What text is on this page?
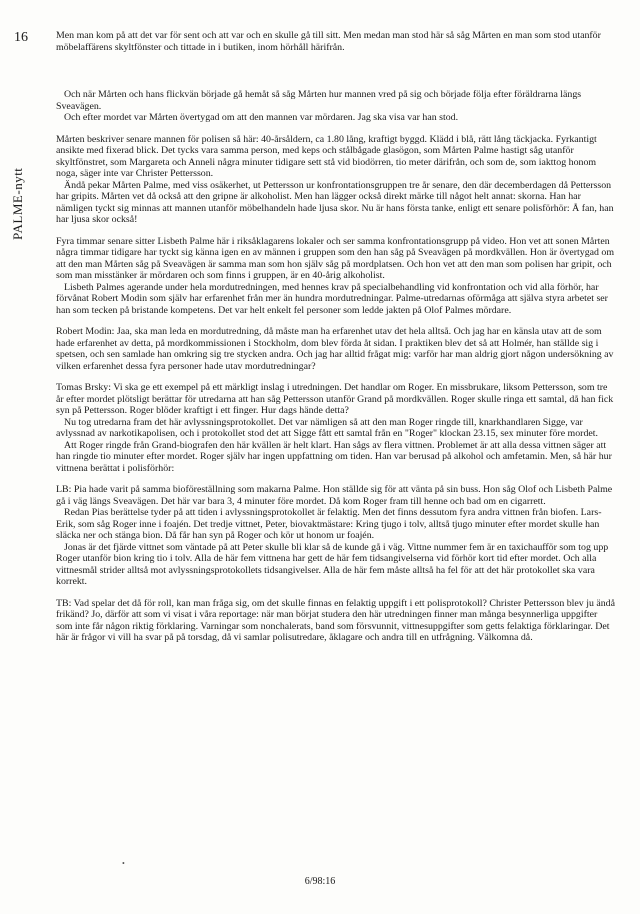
16
PALME-nytt

Men man kom på att det var för sent och att var och en skulle gå till sitt. Men medan man stod här så såg Mårten en man som stod utanför möbelaffärens skyltfönster och tittade in i butiken, inom hörhåll härifrån.

Och när Mårten och hans flickvän började gå hemåt så såg Mårten hur mannen vred på sig och började följa efter föräldrarna längs Sveavägen.

Och efter mordet var Mårten övertygad om att den mannen var mördaren. Jag ska visa var han stod.

Mårten beskriver senare mannen för polisen så här: 40-årsåldern, ca 1.80 lång, kraftigt byggd. Klädd i blå, rätt lång täckjacka. Fyrkantigt ansikte med fixerad blick. Det tycks vara samma person, med keps och stålbågade glasögon, som Mårten Palme hastigt såg utanför skyltfönstret, som Margareta och Anneli några minuter tidigare sett stå vid biodörren, tio meter därifrån, och som de, som iakttog honom noga, säger inte var Christer Pettersson.

Ändå pekar Mårten Palme, med viss osäkerhet, ut Pettersson ur konfrontationsgruppen tre år senare, den där decemberdagen då Pettersson har gripits. Mårten vet då också att den gripne är alkoholist. Men han lägger också direkt märke till något helt annat: skorna. Han har nämligen tyckt sig minnas att mannen utanför möbelhandeln hade ljusa skor. Nu är hans första tanke, enligt ett senare polisförhör: Å fan, han har ljusa skor också!

Fyra timmar senare sitter Lisbeth Palme här i riksåklagarens lokaler och ser samma konfrontationsgrupp på video. Hon vet att sonen Mårten några timmar tidigare har tyckt sig känna igen en av männen i gruppen som den han såg på Sveavägen på mordkvällen. Hon är övertygad om att den man Mårten såg på Sveavägen är samma man som hon själv såg på mordplatsen. Och hon vet att den man som polisen har gripit, och som man misstänker är mördaren och som finns i gruppen, är en 40-årig alkoholist.

Lisbeth Palmes agerande under hela mordutredningen, med hennes krav på specialbehandling vid konfrontation och vid alla förhör, har förvånat Robert Modin som själv har erfarenhet från mer än hundra mordutredningar. Palme-utredarnas oförmåga att själva styra arbetet ser han som tecken på bristande kompetens. Det var helt enkelt fel personer som ledde jakten på Olof Palmes mördare.

Robert Modin: Jaa, ska man leda en mordutredning, då måste man ha erfarenhet utav det hela alltså. Och jag har en känsla utav att de som hade erfarenhet av detta, på mordkommissionen i Stockholm, dom blev förda åt sidan. I praktiken blev det så att Holmér, han ställde sig i spetsen, och sen samlade han omkring sig tre stycken andra. Och jag har alltid frågat mig: varför har man aldrig gjort någon undersökning av vilken erfarenhet dessa fyra personer hade utav mordutredningar?

Tomas Brsky: Vi ska ge ett exempel på ett märkligt inslag i utredningen. Det handlar om Roger. En missbrukare, liksom Pettersson, som tre år efter mordet plötsligt berättar för utredarna att han såg Pettersson utanför Grand på mordkvällen. Roger skulle ringa ett samtal, då han fick syn på Pettersson. Roger blöder kraftigt i ett finger. Hur dags hände detta?

Nu tog utredarna fram det här avlyssningsprotokollet. Det var nämligen så att den man Roger ringde till, knarkhandlaren Sigge, var avlyssnad av narkotikapolisen, och i protokollet stod det att Sigge fått ett samtal från en "Roger" klockan 23.15, sex minuter före mordet.

Att Roger ringde från Grand-biografen den här kvällen är helt klart. Han sågs av flera vittnen. Problemet är att alla dessa vittnen säger att han ringde tio minuter efter mordet. Roger själv har ingen uppfattning om tiden. Han var berusad på alkohol och amfetamin. Men, så här hur vittnena berättat i polisförhör:

LB: Pia hade varit på samma bioföreställning som makarna Palme. Hon ställde sig för att vänta på sin buss. Hon såg Olof och Lisbeth Palme gå i väg längs Sveavägen. Det här var bara 3, 4 minuter före mordet. Då kom Roger fram till henne och bad om en cigarrett.

Redan Pias berättelse tyder på att tiden i avlyssningsprotokollet är felaktig. Men det finns dessutom fyra andra vittnen från biofen. Lars-Erik, som såg Roger inne i foajén. Det tredje vittnet, Peter, biovaktmästare: Kring tjugo i tolv, alltså tjugo minuter efter mordet skulle han släcka ner och stänga bion. Då får han syn på Roger och kör ut honom ur foajén.

Jonas är det fjärde vittnet som väntade på att Peter skulle bli klar så de kunde gå i väg. Vittne nummer fem är en taxichaufför som tog upp Roger utanför bion kring tio i tolv. Alla de här fem vittnena har gett de här fem tidsangivelserna vid förhör kort tid efter mordet. Och alla vittnesmål strider alltså mot avlyssningsprotokollets tidsangivelser. Alla de här fem måste alltså ha fel för att det här protokollet ska vara korrekt.

TB: Vad spelar det då för roll, kan man fråga sig, om det skulle finnas en felaktig uppgift i ett polisprotokoll? Christer Pettersson blev ju ändå frikänd? Jo, därför att som vi visat i våra reportage: när man börjat studera den här utredningen finner man många besynnerliga uppgifter som inte får någon riktig förklaring. Varningar som nonchalerats, band som försvunnit, vittnesuppgifter som getts felaktiga förklaringar. Det här är frågor vi vill ha svar på på torsdag, då vi samlar polisutredare, åklagare och andra till en utfrågning. Välkomna då.

•
6/98:16
